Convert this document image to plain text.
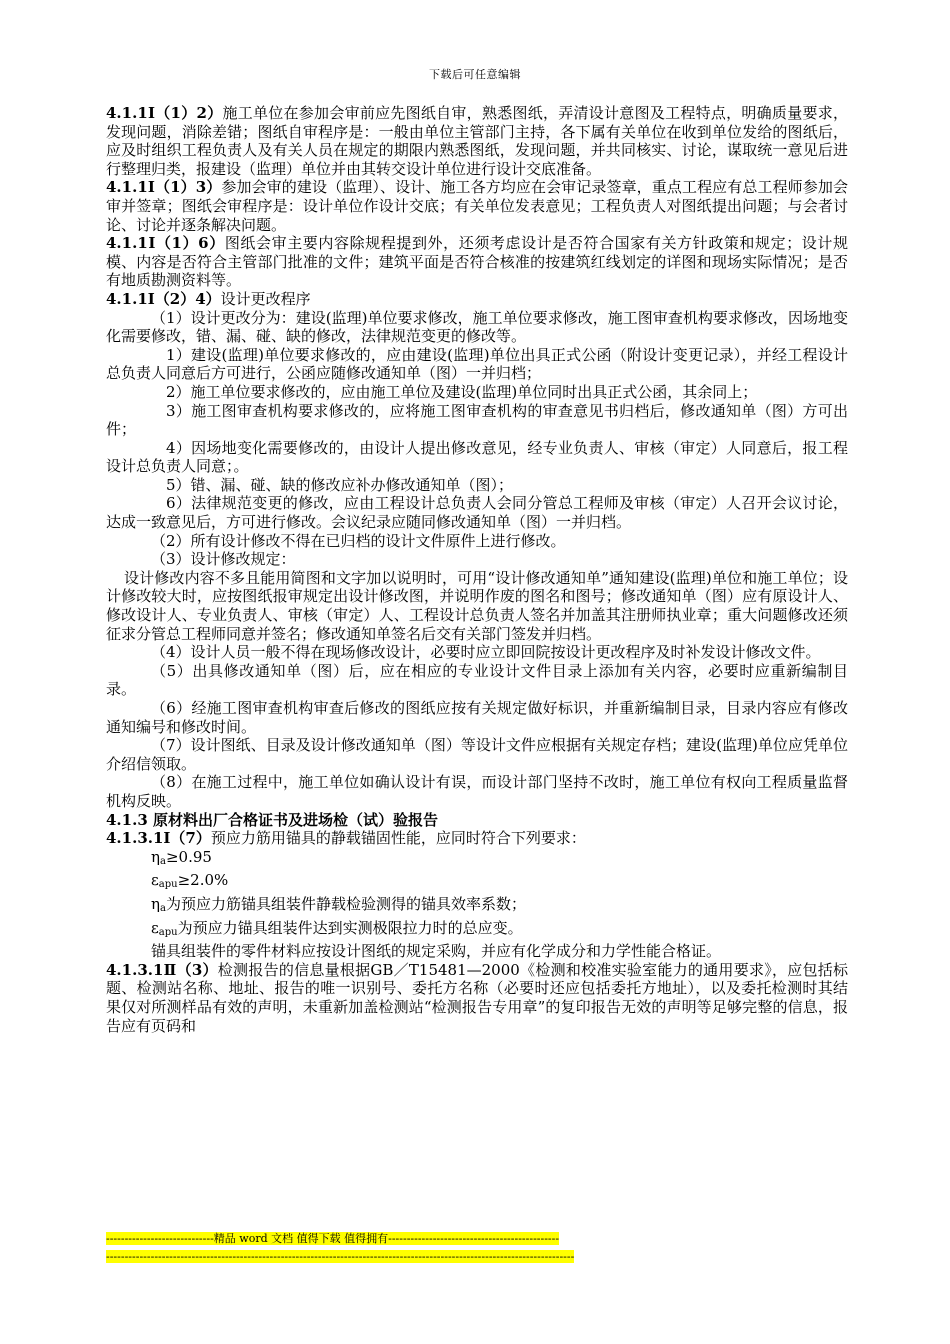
下载后可任意编辑

4.1.1Ⅰ（1）2）施工单位在参加会审前应先图纸自审，熟悉图纸，弄清设计意图及工程特点，明确质量要求，发现问题，消除差错；图纸自审程序是：一般由单位主管部门主持，各下属有关单位在收到单位发给的图纸后，应及时组织工程负责人及有关人员在规定的期限内熟悉图纸，发现问题，并共同核实、讨论，谋取统一意见后进行整理归类，报建设（监理）单位并由其转交设计单位进行设计交底准备。

4.1.1Ⅰ（1）3）参加会审的建设（监理）、设计、施工各方均应在会审记录签章，重点工程应有总工程师参加会审并签章；图纸会审程序是：设计单位作设计交底；有关单位发表意见；工程负责人对图纸提出问题；与会者讨论、讨论并逐条解决问题。

4.1.1Ⅰ（1）6）图纸会审主要内容除规程提到外，还须考虑设计是否符合国家有关方针政策和规定；设计规模、内容是否符合主管部门批准的文件；建筑平面是否符合核准的按建筑红线划定的详图和现场实际情况；是否有地质勘测资料等。

4.1.1Ⅰ（2）4）设计更改程序

（1）设计更改分为：建设(监理)单位要求修改，施工单位要求修改，施工图审查机构要求修改，因场地变化需要修改，错、漏、碰、缺的修改，法律规范变更的修改等。

1）建设(监理)单位要求修改的，应由建设(监理)单位出具正式公函（附设计变更记录），并经工程设计总负责人同意后方可进行，公函应随修改通知单（图）一并归档；

2）施工单位要求修改的，应由施工单位及建设(监理)单位同时出具正式公函，其余同上；

3）施工图审查机构要求修改的，应将施工图审查机构的审查意见书归档后，修改通知单（图）方可出件；

4）因场地变化需要修改的，由设计人提出修改意见，经专业负责人、审核（审定）人同意后，报工程设计总负责人同意；。

5）错、漏、碰、缺的修改应补办修改通知单（图）；

6）法律规范变更的修改，应由工程设计总负责人会同分管总工程师及审核（审定）人召开会议讨论，达成一致意见后，方可进行修改。会议纪录应随同修改通知单（图）一并归档。

（2）所有设计修改不得在已归档的设计文件原件上进行修改。

（3）设计修改规定：

设计修改内容不多且能用简图和文字加以说明时，可用“设计修改通知单”通知建设(监理)单位和施工单位；设计修改较大时，应按图纸报审规定出设计修改图，并说明作废的图名和图号；修改通知单（图）应有原设计人、修改设计人、专业负责人、审核（审定）人、工程设计总负责人签名并加盖其注册师执业章；重大问题修改还须征求分管总工程师同意并签名；修改通知单签名后交有关部门签发并归档。

（4）设计人员一般不得在现场修改设计，必要时应立即回院按设计更改程序及时补发设计修改文件。

（5）出具修改通知单（图）后，应在相应的专业设计文件目录上添加有关内容，必要时应重新编制目录。

（6）经施工图审查机构审查后修改的图纸应按有关规定做好标识，并重新编制目录，目录内容应有修改通知编号和修改时间。

（7）设计图纸、目录及设计修改通知单（图）等设计文件应根据有关规定存档；建设(监理)单位应凭单位介绍信领取。

（8）在施工过程中，施工单位如确认设计有误，而设计部门坚持不改时，施工单位有权向工程质量监督机构反映。

4.1.3 原材料出厂合格证书及进场检（试）验报告

4.1.3.1Ⅰ（7）预应力筋用锚具的静载锚固性能，应同时符合下列要求：

$\eta_a\ge 0.95$

$\varepsilon_{apu}\ge 2.0\%$

$\eta_a$为预应力筋锚具组装件静载检验测得的锚具效率系数；

$\varepsilon_{apu}$为预应力锚具组装件达到实测极限拉力时的总应变。

锚具组装件的零件材料应按设计图纸的规定采购，并应有化学成分和力学性能合格证。

4.1.3.1Ⅱ（3）检测报告的信息量根据GB／T15481—2000《检测和校准实验室能力的通用要求》，应包括标题、检测站名称、地址、报告的唯一识别号、委托方名称（必要时还应包括委托方地址），以及委托检测时其结果仅对所测样品有效的声明，未重新加盖检测站“检测报告专用章”的复印报告无效的声明等足够完整的信息，报告应有页码和

-----------------------------精品 word 文档 值得下载 值得拥有----------------------------------------------
------------------------------------------------------------------------------------------------------------------------------
